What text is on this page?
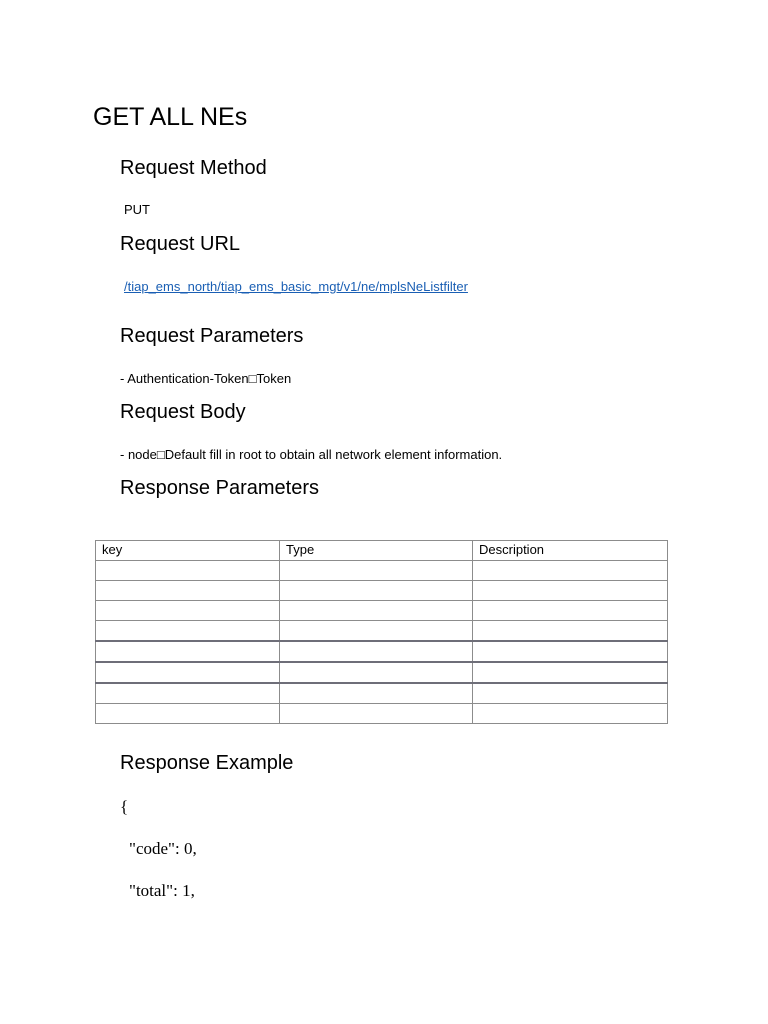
GET ALL NEs
Request Method
PUT
Request URL
/tiap_ems_north/tiap_ems_basic_mgt/v1/ne/mplsNeListfilter
Request Parameters
- Authentication-Token□Token
Request Body
- node□Default fill in root to obtain all network element information.
Response Parameters
key	Type	Description

Response Example
{
"code": 0,
"total": 1,
